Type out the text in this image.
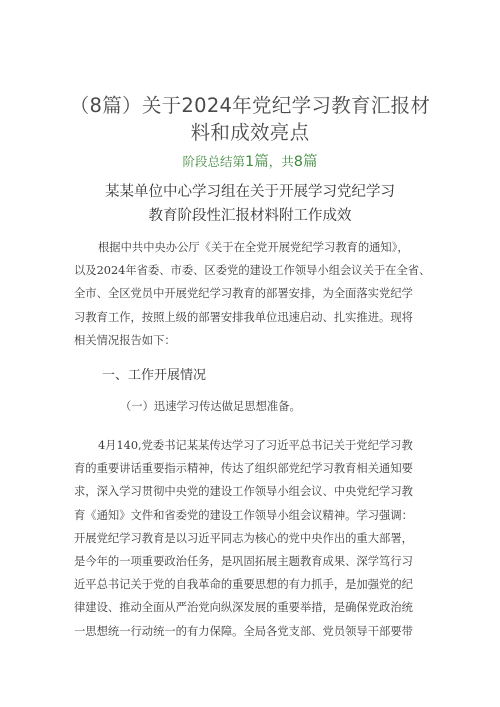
（8篇）关于2024年党纪学习教育汇报材
料和成效亮点
阶段总结第1篇，共8篇
某某单位中心学习组在关于开展学习党纪学习
教育阶段性汇报材料附工作成效
根据中共中央办公厅《关于在全党开展党纪学习教育的通知》，
以及2024年省委、市委、区委党的建设工作领导小组会议关于在全省、
全市、全区党员中开展党纪学习教育的部署安排，为全面落实党纪学
习教育工作，按照上级的部署安排我单位迅速启动、扎实推进。现将
相关情况报告如下：
一、工作开展情况
（一）迅速学习传达做足思想准备。
4月140,党委书记某某传达学习了习近平总书记关于党纪学习教
育的重要讲话重要指示精神，传达了组织部党纪学习教育相关通知要
求，深入学习贯彻中央党的建设工作领导小组会议、中央党纪学习教
育《通知》文件和省委党的建设工作领导小组会议精神。学习强调：
开展党纪学习教育是以习近平同志为核心的党中央作出的重大部署，
是今年的一项重要政治任务，是巩固拓展主题教育成果、深学笃行习
近平总书记关于党的自我革命的重要思想的有力抓手，是加强党的纪
律建设、推动全面从严治党向纵深发展的重要举措，是确保党政治统
一思想统一行动统一的有力保障。全局各党支部、党员领导干部要带
